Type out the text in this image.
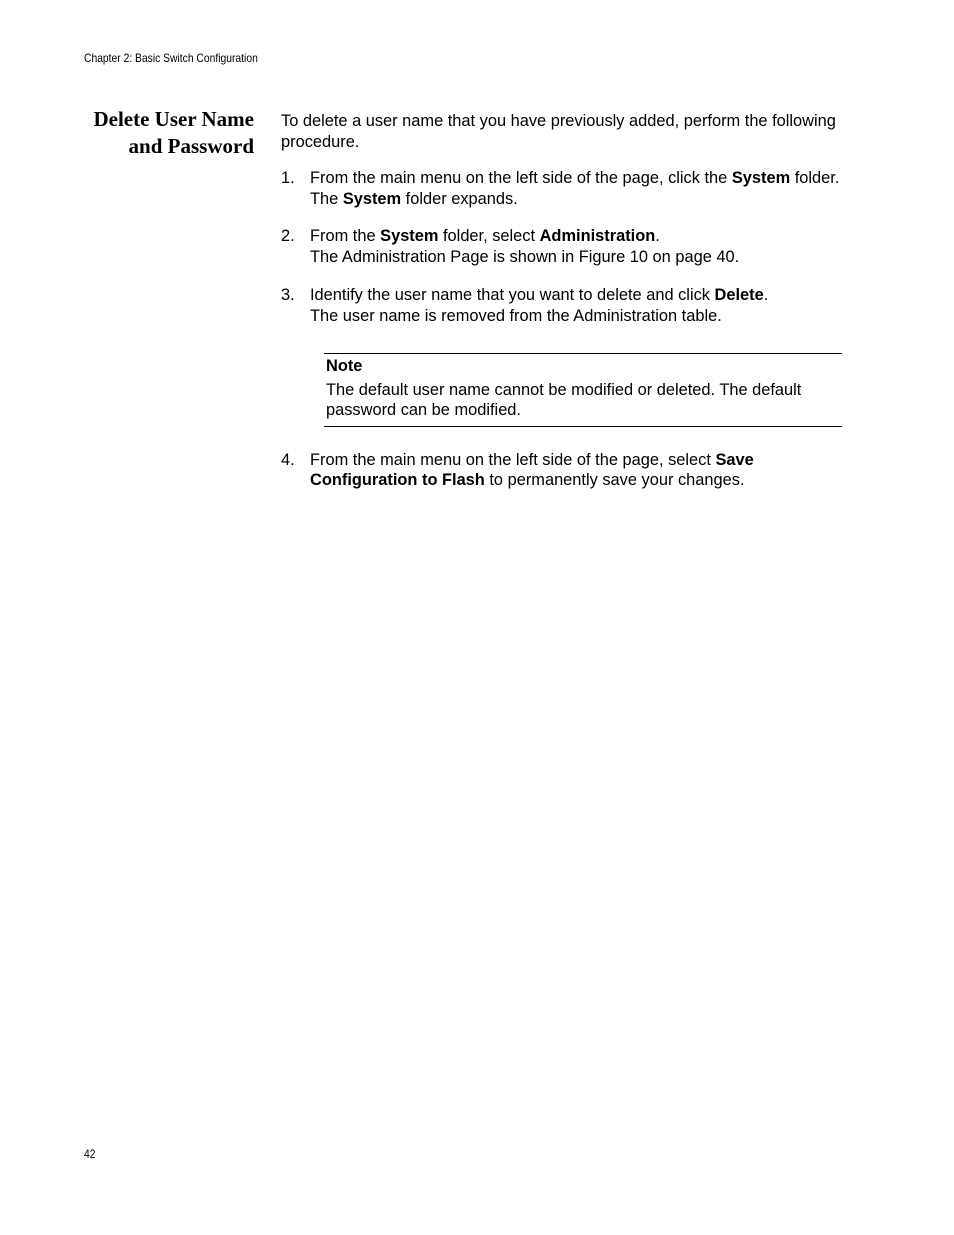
Chapter 2: Basic Switch Configuration
Delete User Name
and Password

To delete a user name that you have previously added, perform the following procedure.

1. From the main menu on the left side of the page, click the System folder.
The System folder expands.
2. From the System folder, select Administration.
The Administration Page is shown in Figure 10 on page 40.
3. Identify the user name that you want to delete and click Delete.
The user name is removed from the Administration table.
Note
The default user name cannot be modified or deleted. The default password can be modified.
4. From the main menu on the left side of the page, select Save Configuration to Flash to permanently save your changes.
42
